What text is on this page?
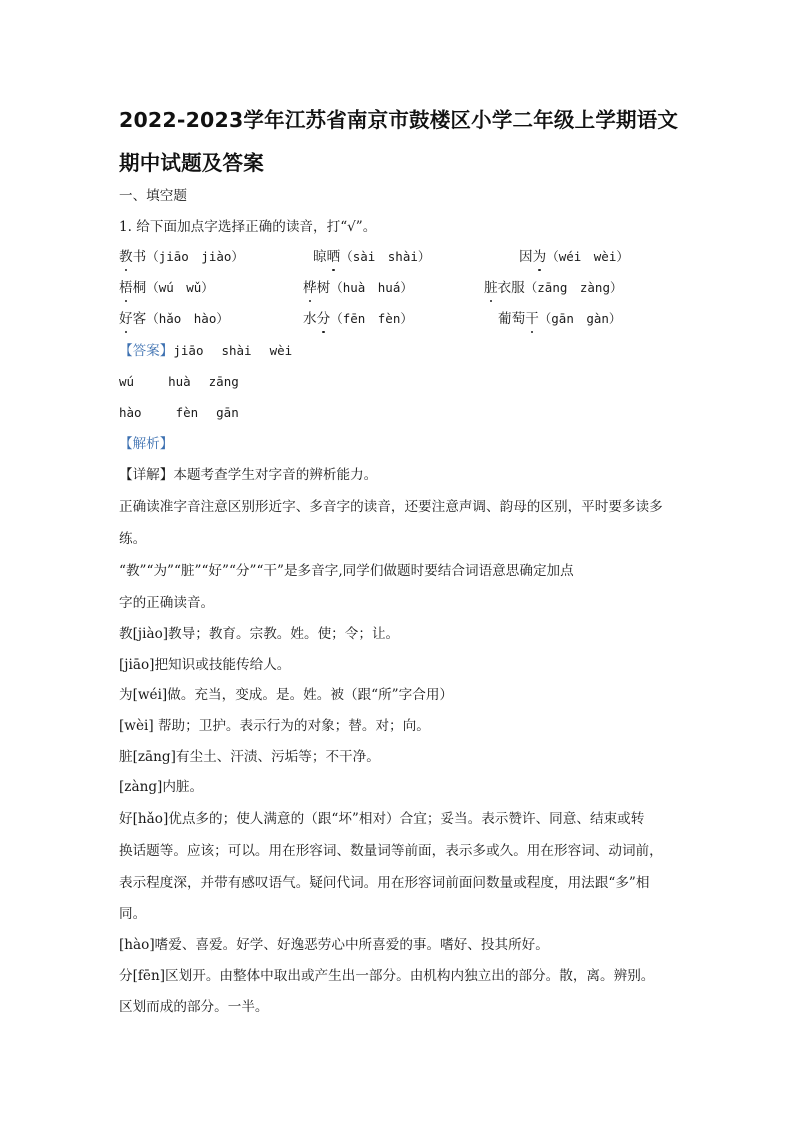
2022-2023学年江苏省南京市鼓楼区小学二年级上学期语文
期中试题及答案
一、填空题
1. 给下面加点字选择正确的读音，打“√”。
教书（jiāo　jiào）	晾晒（sài　shài）	因为（wéi　wèi）
梧桐（wú　wǔ）	桦树（huà　huá）	脏衣服（zāng　zàng）
好客（hǎo　hào）	水分（fēn　fèn）	葡萄干（gān　gàn）
【答案】jiāo shài wèi
wú	huà zāng
hào	fèn gān
【解析】
【详解】本题考查学生对字音的辨析能力。
正确读准字音注意区别形近字、多音字的读音，还要注意声调、韵母的区别，平时要多读多
练。
“教”“为”“脏”“好”“分”“干”是多音字,同学们做题时要结合词语意思确定加点
字的正确读音。
教[jiào]教导；教育。宗教。姓。使；令；让。
[jiāo]把知识或技能传给人。
为[wéi]做。充当，变成。是。姓。被（跟“所”字合用）
[wèi] 帮助；卫护。表示行为的对象；替。对；向。
脏[zāng]有尘土、汗渍、污垢等；不干净。
[zàng]内脏。
好[hǎo]优点多的；使人满意的（跟“坏”相对）合宜；妥当。表示赞许、同意、结束或转
换话题等。应该；可以。用在形容词、数量词等前面，表示多或久。用在形容词、动词前，
表示程度深，并带有感叹语气。疑问代词。用在形容词前面问数量或程度，用法跟“多”相
同。
[hào]嗜爱、喜爱。好学、好逸恶劳心中所喜爱的事。嗜好、投其所好。
分[fēn]区划开。由整体中取出或产生出一部分。由机构内独立出的部分。散，离。辨别。
区划而成的部分。一半。
